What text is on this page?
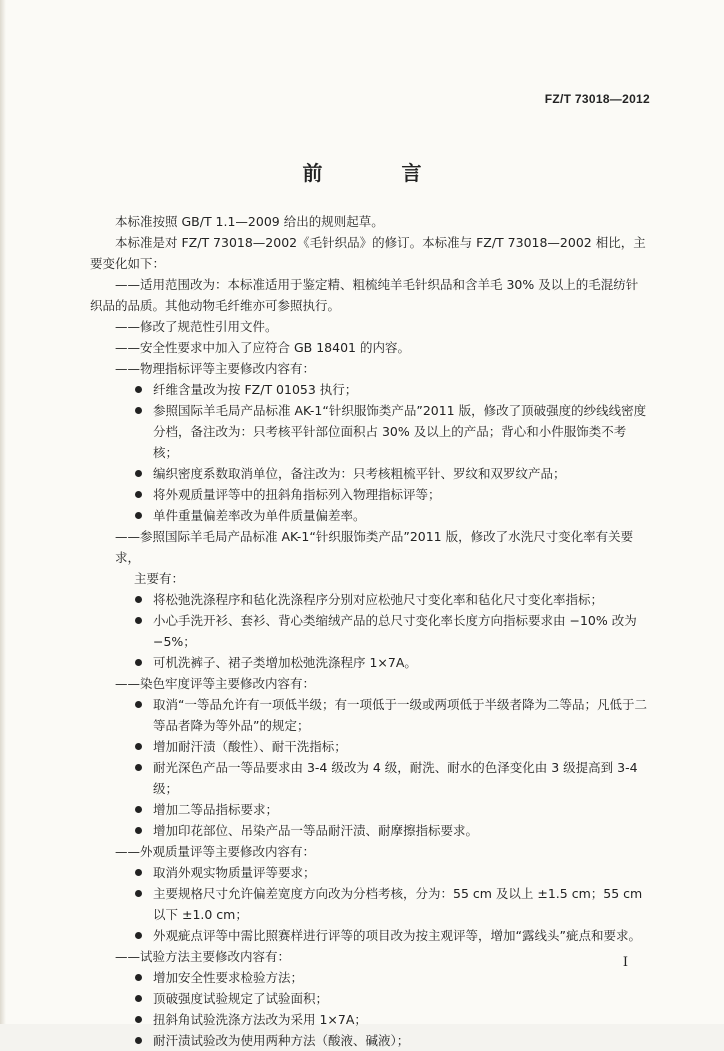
FZ/T 73018—2012
前 言

本标准按照 GB/T 1.1—2009 给出的规则起草。

本标准是对 FZ/T 73018—2002《毛针织品》的修订。本标准与 FZ/T 73018—2002 相比，主要变化如下：

——适用范围改为：本标准适用于鉴定精、粗梳纯羊毛针织品和含羊毛 30% 及以上的毛混纺针织品的品质。其他动物毛纤维亦可参照执行。

——修改了规范性引用文件。

——安全性要求中加入了应符合 GB 18401 的内容。

——物理指标评等主要修改内容有：

纤维含量改为按 FZ/T 01053 执行；
参照国际羊毛局产品标准 AK-1“针织服饰类产品”2011 版，修改了顶破强度的纱线线密度分档，备注改为：只考核平针部位面积占 30% 及以上的产品；背心和小件服饰类不考核；
编织密度系数取消单位，备注改为：只考核粗梳平针、罗纹和双罗纹产品；
将外观质量评等中的扭斜角指标列入物理指标评等；
单件重量偏差率改为单件质量偏差率。

——参照国际羊毛局产品标准 AK-1“针织服饰类产品”2011 版，修改了水洗尺寸变化率有关要求，

主要有：

将松弛洗涤程序和毡化洗涤程序分别对应松弛尺寸变化率和毡化尺寸变化率指标；
小心手洗开衫、套衫、背心类缩绒产品的总尺寸变化率长度方向指标要求由 −10% 改为 −5%；
可机洗裤子、裙子类增加松弛洗涤程序 1×7A。

——染色牢度评等主要修改内容有：

取消“一等品允许有一项低半级；有一项低于一级或两项低于半级者降为二等品；凡低于二等品者降为等外品”的规定；
增加耐汗渍（酸性）、耐干洗指标；
耐光深色产品一等品要求由 3-4 级改为 4 级，耐洗、耐水的色泽变化由 3 级提高到 3-4 级；
增加二等品指标要求；
增加印花部位、吊染产品一等品耐汗渍、耐摩擦指标要求。

——外观质量评等主要修改内容有：

取消外观实物质量评等要求；
主要规格尺寸允许偏差宽度方向改为分档考核，分为：55 cm 及以上 ±1.5 cm；55 cm 以下 ±1.0 cm；
外观疵点评等中需比照赛样进行评等的项目改为按主观评等，增加“露线头”疵点和要求。

——试验方法主要修改内容有：

增加安全性要求检验方法；
顶破强度试验规定了试验面积；
扭斜角试验洗涤方法改为采用 1×7A；
耐汗渍试验改为使用两种方法（酸液、碱液）；
I
